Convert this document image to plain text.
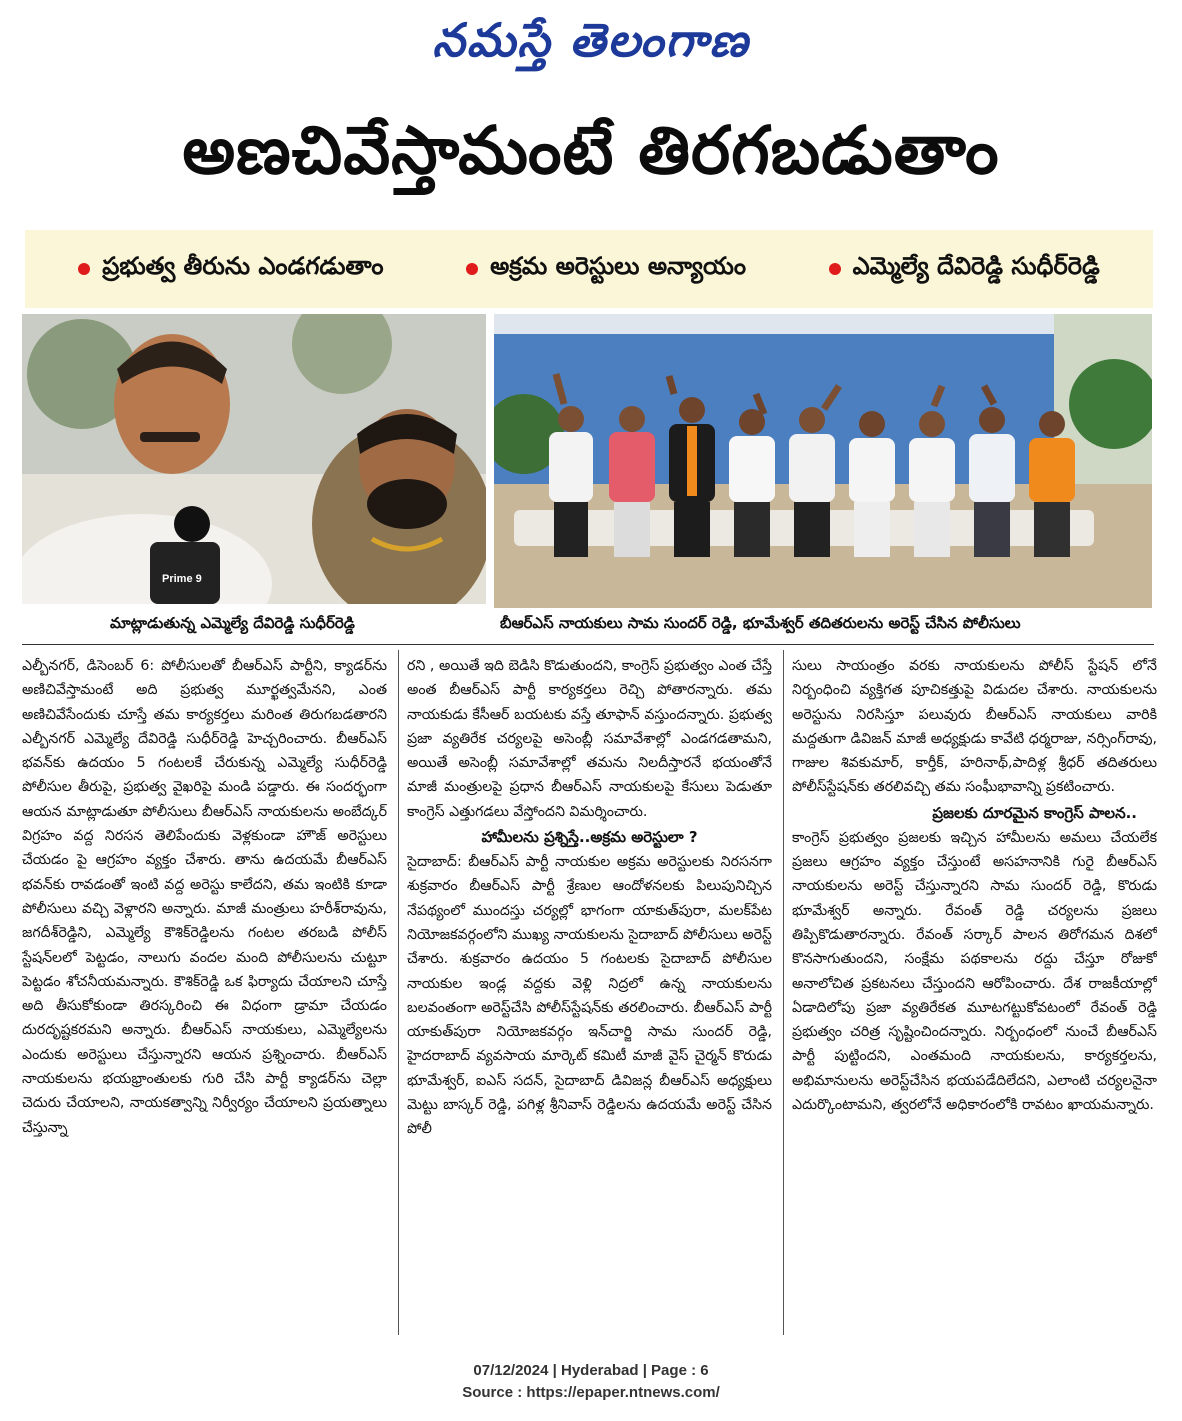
నమస్తే తెలంగాణ
అణచివేస్తామంటే తిరగబడుతాం
ప్రభుత్వ తీరును ఎండగడుతాం	అక్రమ అరెస్టులు అన్యాయం	ఎమ్మెల్యే దేవిరెడ్డి సుధీర్‌రెడ్డి
Prime 9
మాట్లాడుతున్న ఎమ్మెల్యే దేవిరెడ్డి సుధీర్‌రెడ్డి	బీఆర్‌ఎస్ నాయకులు సామ సుందర్ రెడ్డి, భూమేశ్వర్ తదితరులను అరెస్ట్ చేసిన పోలీసులు

ఎల్బీనగర్, డిసెంబర్ 6: పోలీసులతో బీఆర్‌ఎస్ పార్టీని, క్యాడర్‌ను అణిచివేస్తామంటే అది ప్రభుత్వ మూర్ఖత్వమేనని, ఎంత అణిచివేసేందుకు చూస్తే తమ కార్యకర్తలు మరింత తిరుగబడతారని ఎల్బీనగర్ ఎమ్మెల్యే దేవిరెడ్డి సుధీర్‌రెడ్డి హెచ్చరించారు. బీఆర్‌ఎస్ భవన్‌కు ఉదయం 5 గంటలకే చేరుకున్న ఎమ్మెల్యే సుధీర్‌రెడ్డి పోలీసుల తీరుపై, ప్రభుత్వ వైఖరిపై మండి పడ్డారు. ఈ సందర్భంగా ఆయన మాట్లాడుతూ పోలీసులు బీఆర్‌ఎస్ నాయకులను అంబేద్కర్ విగ్రహం వద్ద నిరసన తెలిపేందుకు వెళ్లకుండా హౌజ్ అరెస్టులు చేయడం పై ఆగ్రహం వ్యక్తం చేశారు. తాను ఉదయమే బీఆర్‌ఎస్ భవన్‌కు రావడంతో ఇంటి వద్ద అరెస్టు కాలేదని, తమ ఇంటికి కూడా పోలీసులు వచ్చి వెళ్లారని అన్నారు. మాజీ మంత్రులు హరీశ్‌రావును, జగదీశ్‌రెడ్డిని, ఎమ్మెల్యే కౌశిక్‌రెడ్డిలను గంటల తరబడి పోలీస్ స్టేషన్‌లలో పెట్టడం, నాలుగు వందల మంది పోలీసులను చుట్టూ పెట్టడం శోచనీయమన్నారు. కౌశిక్‌రెడ్డి ఒక ఫిర్యాదు చేయాలని చూస్తే అది తీసుకోకుండా తిరస్కరించి ఈ విధంగా డ్రామా చేయడం దురదృష్టకరమని అన్నారు. బీఆర్‌ఎస్ నాయకులు, ఎమ్మెల్యేలను ఎందుకు అరెస్టులు చేస్తున్నారని ఆయన ప్రశ్నించారు. బీఆర్‌ఎస్ నాయకులను భయభ్రాంతులకు గురి చేసి పార్టీ క్యాడర్‌ను చెల్లా చెదురు చేయాలని, నాయకత్వాన్ని నిర్వీర్యం చేయాలని ప్రయత్నాలు చేస్తున్నా

రని , అయితే ఇది బెడిసి కొడుతుందని, కాంగ్రెస్ ప్రభుత్వం ఎంత చేస్తే అంత బీఆర్‌ఎస్ పార్టీ కార్యకర్తలు రెచ్చి పోతారన్నారు. తమ నాయకుడు కేసీఆర్ బయటకు వస్తే తూఫాన్ వస్తుందన్నారు. ప్రభుత్వ ప్రజా వ్యతిరేక చర్యలపై అసెంబ్లీ సమావేశాల్లో ఎండగడతామని, అయితే అసెంబ్లీ సమావేశాల్లో తమను నిలదీస్తారనే భయంతోనే మాజీ మంత్రులపై ప్రధాన బీఆర్‌ఎస్ నాయకులపై కేసులు పెడుతూ కాంగ్రెస్ ఎత్తుగడలు వేస్తోందని విమర్శించారు.

హామీలను ప్రశ్నిస్తే..అక్రమ అరెస్టులా ?

సైదాబాద్: బీఆర్‌ఎస్ పార్టీ నాయకుల అక్రమ అరెస్టులకు నిరసనగా శుక్రవారం బీఆర్‌ఎస్ పార్టీ శ్రేణుల ఆందోళనలకు పిలుపునిచ్చిన నేపథ్యంలో ముందస్తు చర్యల్లో భాగంగా యాకుత్‌పురా, మలక్‌పేట నియోజకవర్గంలోని ముఖ్య నాయకులను సైదాబాద్ పోలీసులు అరెస్ట్ చేశారు. శుక్రవారం ఉదయం 5 గంటలకు సైదాబాద్ పోలీసుల నాయకుల ఇండ్ల వద్దకు వెళ్లి నిద్రలో ఉన్న నాయకులను బలవంతంగా అరెస్ట్‌చేసి పోలీస్‌స్టేషన్‌కు తరలించారు. బీఆర్‌ఎస్ పార్టీ యాకుత్‌పురా నియోజకవర్గం ఇన్‌చార్జి సామ సుందర్ రెడ్డి, హైదరాబాద్ వ్యవసాయ మార్కెట్ కమిటీ మాజీ వైస్ చైర్మన్ కొరుడు భూమేశ్వర్, ఐఎస్ సదన్, సైదాబాద్ డివిజన్ల బీఆర్‌ఎస్ అధ్యక్షులు మెట్టు బాస్కర్ రెడ్డి, పగిళ్ల శ్రీనివాస్ రెడ్డిలను ఉదయమే అరెస్ట్ చేసిన పోలీ

సులు సాయంత్రం వరకు నాయకులను పోలీస్ స్టేషన్ లోనే నిర్బంధించి వ్యక్తిగత పూచికత్తుపై విడుదల చేశారు. నాయకులను అరెస్టును నిరసిస్తూ పలువురు బీఆర్‌ఎస్ నాయకులు వారికి మద్దతుగా డివిజన్ మాజీ అధ్యక్షుడు కావేటి ధర్మరాజు, నర్సింగ్‌రావు, గాజుల శివకుమార్, కార్తీక్, హరినాథ్,పాదిళ్ల శ్రీధర్ తదితరులు పోలీస్‌స్టేషన్‌కు తరలివచ్చి తమ సంఘీభావాన్ని ప్రకటించారు.

ప్రజలకు దూరమైన కాంగ్రెస్ పాలన..

కాంగ్రెస్ ప్రభుత్వం ప్రజలకు ఇచ్చిన హామీలను అమలు చేయలేక ప్రజలు ఆగ్రహం వ్యక్తం చేస్తుంటే అసహనానికి గురై బీఆర్‌ఎస్ నాయకులను అరెస్ట్ చేస్తున్నారని సామ సుందర్ రెడ్డి, కొరుడు భూమేశ్వర్ అన్నారు. రేవంత్ రెడ్డి చర్యలను ప్రజలు తిప్పికొడుతారన్నారు. రేవంత్ సర్కార్ పాలన తిరోగమన దిశలో కొనసాగుతుందని, సంక్షేమ పథకాలను రద్దు చేస్తూ రోజుకో అనాలోచిత ప్రకటనలు చేస్తుందని ఆరోపించారు. దేశ రాజకీయాల్లో ఏడాదిలోపు ప్రజా వ్యతిరేకత మూటగట్టుకోవటంలో రేవంత్ రెడ్డి ప్రభుత్వం చరిత్ర సృష్టించిందన్నారు. నిర్బంధంలో నుంచే బీఆర్‌ఎస్ పార్టీ పుట్టిందని, ఎంతమంది నాయకులను, కార్యకర్తలను, అభిమానులను అరెస్ట్‌చేసిన భయపడేదిలేదని, ఎలాంటి చర్యలనైనా ఎదుర్కొంటామని, త్వరలోనే అధికారంలోకి రావటం ఖాయమన్నారు.

07/12/2024 | Hyderabad | Page : 6
Source : https://epaper.ntnews.com/
